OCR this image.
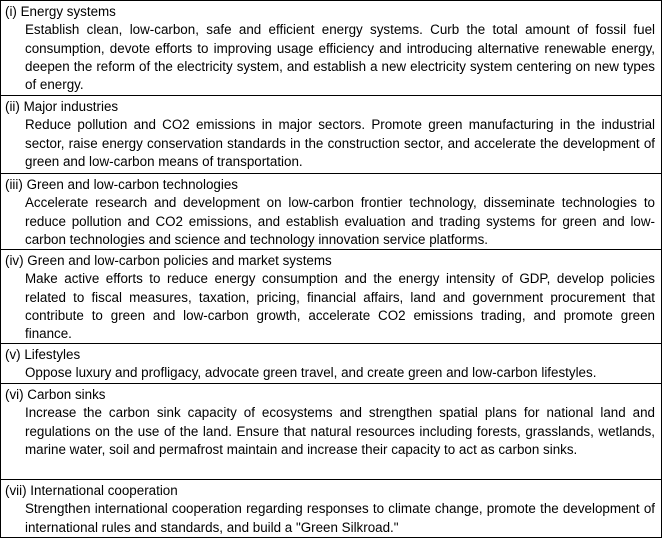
(i) Energy systems

Establish clean, low-carbon, safe and efficient energy systems. Curb the total amount of fossil fuel consumption, devote efforts to improving usage efficiency and introducing alternative renewable energy, deepen the reform of the electricity system, and establish a new electricity system centering on new types of energy.

(ii) Major industries

Reduce pollution and CO2 emissions in major sectors. Promote green manufacturing in the industrial sector, raise energy conservation standards in the construction sector, and accelerate the development of green and low-carbon means of transportation.

(iii) Green and low-carbon technologies

Accelerate research and development on low-carbon frontier technology, disseminate technologies to reduce pollution and CO2 emissions, and establish evaluation and trading systems for green and low-carbon technologies and science and technology innovation service platforms.

(iv) Green and low-carbon policies and market systems

Make active efforts to reduce energy consumption and the energy intensity of GDP, develop policies related to fiscal measures, taxation, pricing, financial affairs, land and government procurement that contribute to green and low-carbon growth, accelerate CO2 emissions trading, and promote green finance.

(v) Lifestyles

Oppose luxury and profligacy, advocate green travel, and create green and low-carbon lifestyles.

(vi) Carbon sinks

Increase the carbon sink capacity of ecosystems and strengthen spatial plans for national land and regulations on the use of the land. Ensure that natural resources including forests, grasslands, wetlands, marine water, soil and permafrost maintain and increase their capacity to act as carbon sinks.

(vii) International cooperation

Strengthen international cooperation regarding responses to climate change, promote the development of international rules and standards, and build a "Green Silkroad."
